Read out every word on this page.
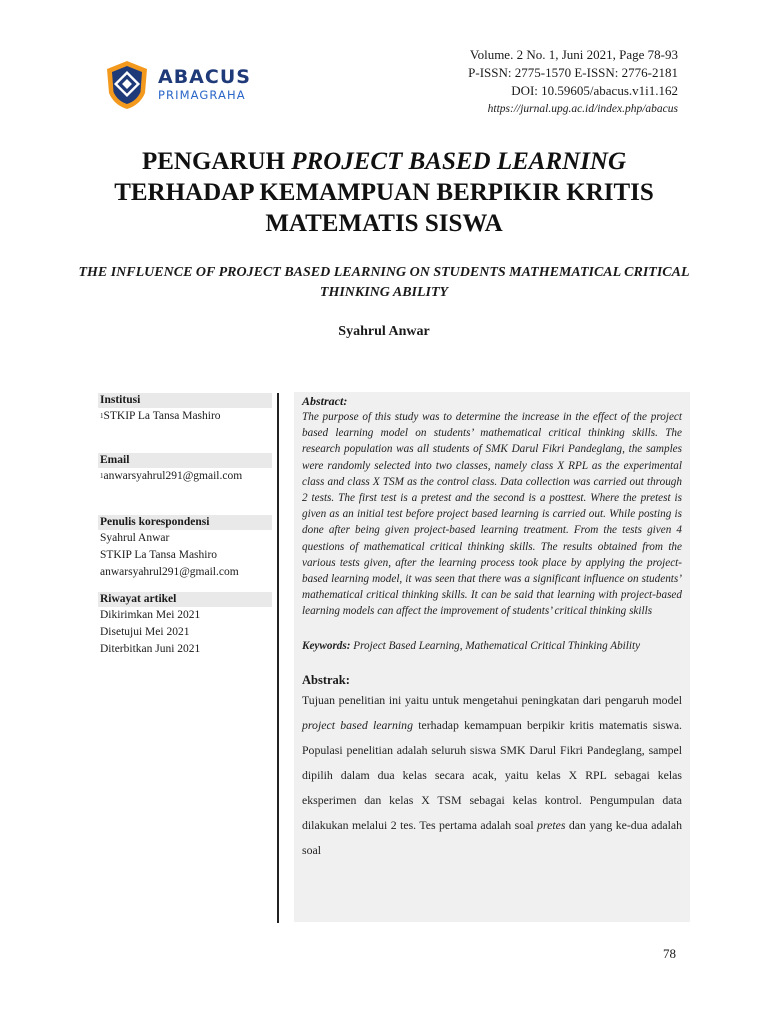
ABACUS
PRIMAGRAHA
Volume. 2 No. 1, Juni 2021, Page 78-93
P-ISSN: 2775-1570 E-ISSN: 2776-2181
DOI: 10.59605/abacus.v1i1.162
https://jurnal.upg.ac.id/index.php/abacus
PENGARUH PROJECT BASED LEARNING
TERHADAP KEMAMPUAN BERPIKIR KRITIS MATEMATIS SISWA
THE INFLUENCE OF PROJECT BASED LEARNING ON STUDENTS MATHEMATICAL CRITICAL THINKING ABILITY
Syahrul Anwar
Institusi
$^1$STKIP La Tansa Mashiro
Email
$^1$anwarsyahrul291@gmail.com
Penulis korespondensi
Syahrul Anwar
STKIP La Tansa Mashiro
anwarsyahrul291@gmail.com
Riwayat artikel
Dikirimkan Mei 2021
Disetujui Mei 2021
Diterbitkan Juni 2021
Abstract:
The purpose of this study was to determine the increase in the effect of the project based learning model on students’ mathematical critical thinking skills. The research population was all students of SMK Darul Fikri Pandeglang, the samples were randomly selected into two classes, namely class X RPL as the experimental class and class X TSM as the control class. Data collection was carried out through 2 tests. The first test is a pretest and the second is a posttest. Where the pretest is given as an initial test before project based learning is carried out. While posting is done after being given project-based learning treatment. From the tests given 4 questions of mathematical critical thinking skills. The results obtained from the various tests given, after the learning process took place by applying the project-based learning model, it was seen that there was a significant influence on students’ mathematical critical thinking skills. It can be said that learning with project-based learning models can affect the improvement of students’ critical thinking skills
Keywords: Project Based Learning, Mathematical Critical Thinking Ability
Abstrak:
Tujuan penelitian ini yaitu untuk mengetahui peningkatan dari pengaruh model project based learning terhadap kemampuan berpikir kritis matematis siswa. Populasi penelitian adalah seluruh siswa SMK Darul Fikri Pandeglang, sampel dipilih dalam dua kelas secara acak, yaitu kelas X RPL sebagai kelas eksperimen dan kelas X TSM sebagai kelas kontrol. Pengumpulan data dilakukan melalui 2 tes. Tes pertama adalah soal pretes dan yang ke-dua adalah soal
78
